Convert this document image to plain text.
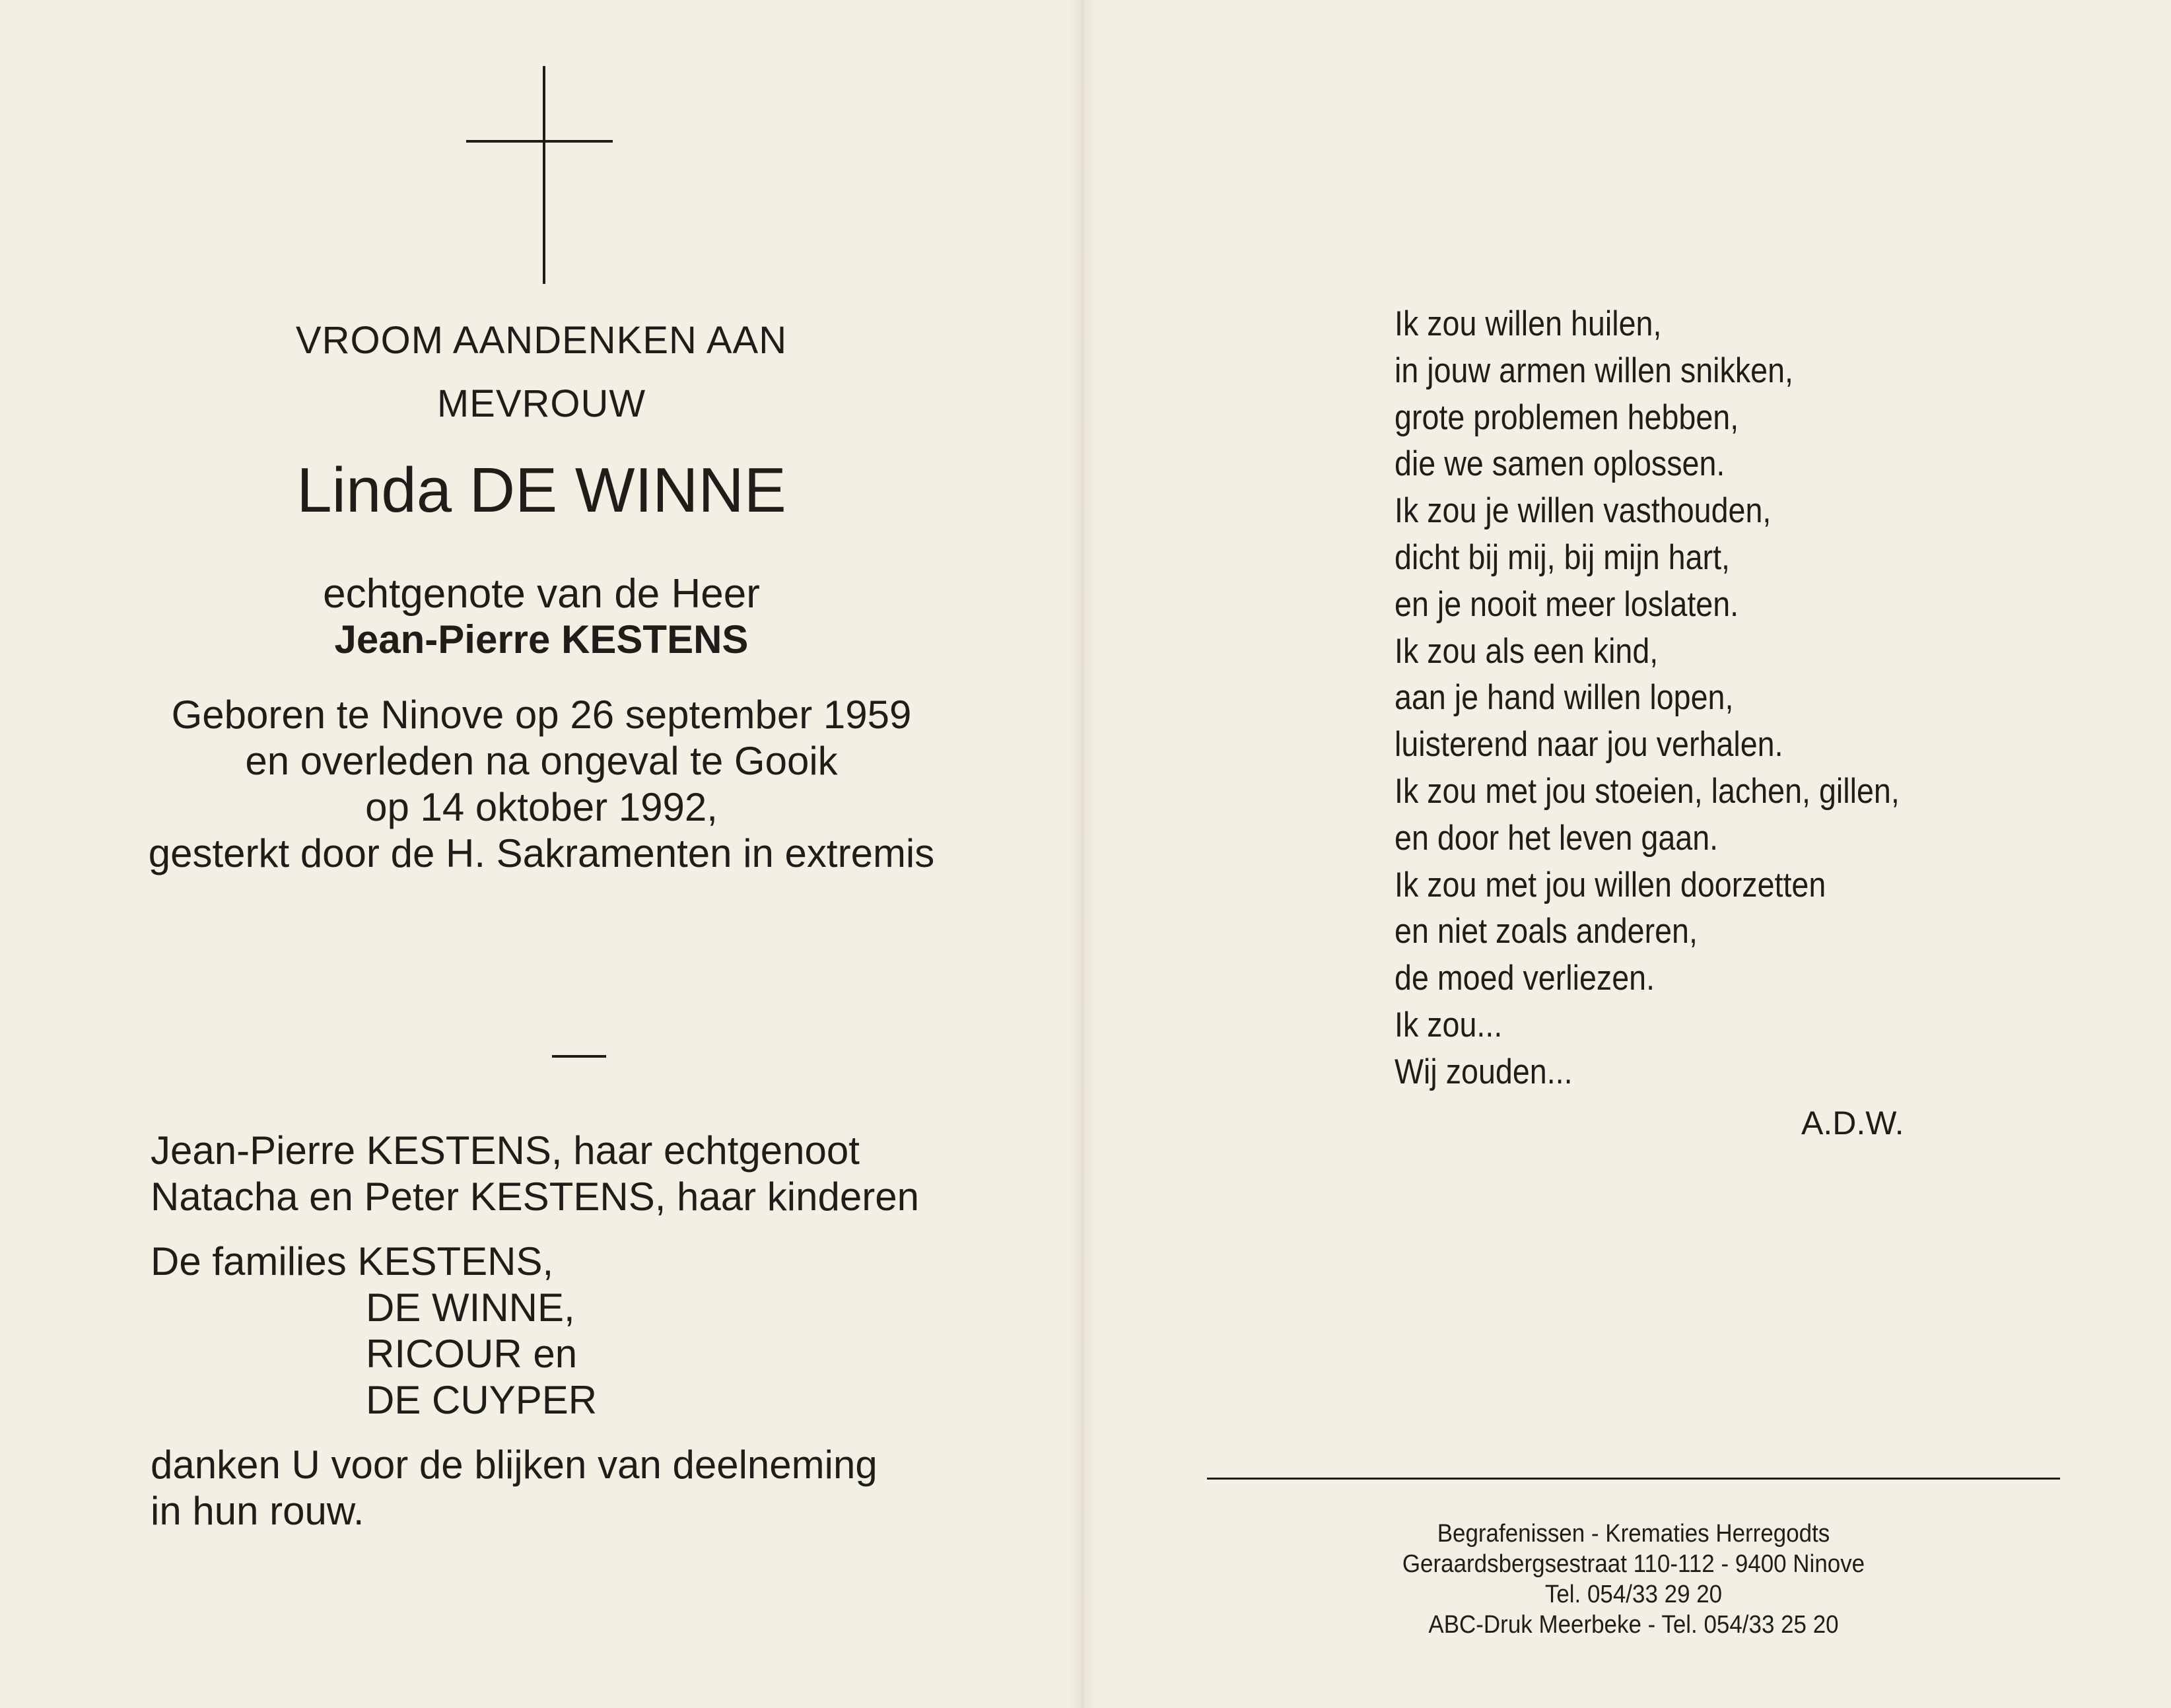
VROOM AANDENKEN AAN
MEVROUW
Linda DE WINNE
echtgenote van de Heer
Jean-Pierre KESTENS
Geboren te Ninove op 26 september 1959
en overleden na ongeval te Gooik
op 14 oktober 1992,
gesterkt door de H. Sakramenten in extremis
Jean-Pierre KESTENS, haar echtgenoot
Natacha en Peter KESTENS, haar kinderen
De families KESTENS,
DE WINNE,
RICOUR en
DE CUYPER
danken U voor de blijken van deelneming
in hun rouw.
Ik zou willen huilen,
in jouw armen willen snikken,
grote problemen hebben,
die we samen oplossen.
Ik zou je willen vasthouden,
dicht bij mij, bij mijn hart,
en je nooit meer loslaten.
Ik zou als een kind,
aan je hand willen lopen,
luisterend naar jou verhalen.
Ik zou met jou stoeien, lachen, gillen,
en door het leven gaan.
Ik zou met jou willen doorzetten
en niet zoals anderen,
de moed verliezen.
Ik zou...
Wij zouden...
A.D.W.
Begrafenissen - Krematies Herregodts
Geraardsbergsestraat 110-112 - 9400 Ninove
Tel. 054/33 29 20
ABC-Druk Meerbeke - Tel. 054/33 25 20
